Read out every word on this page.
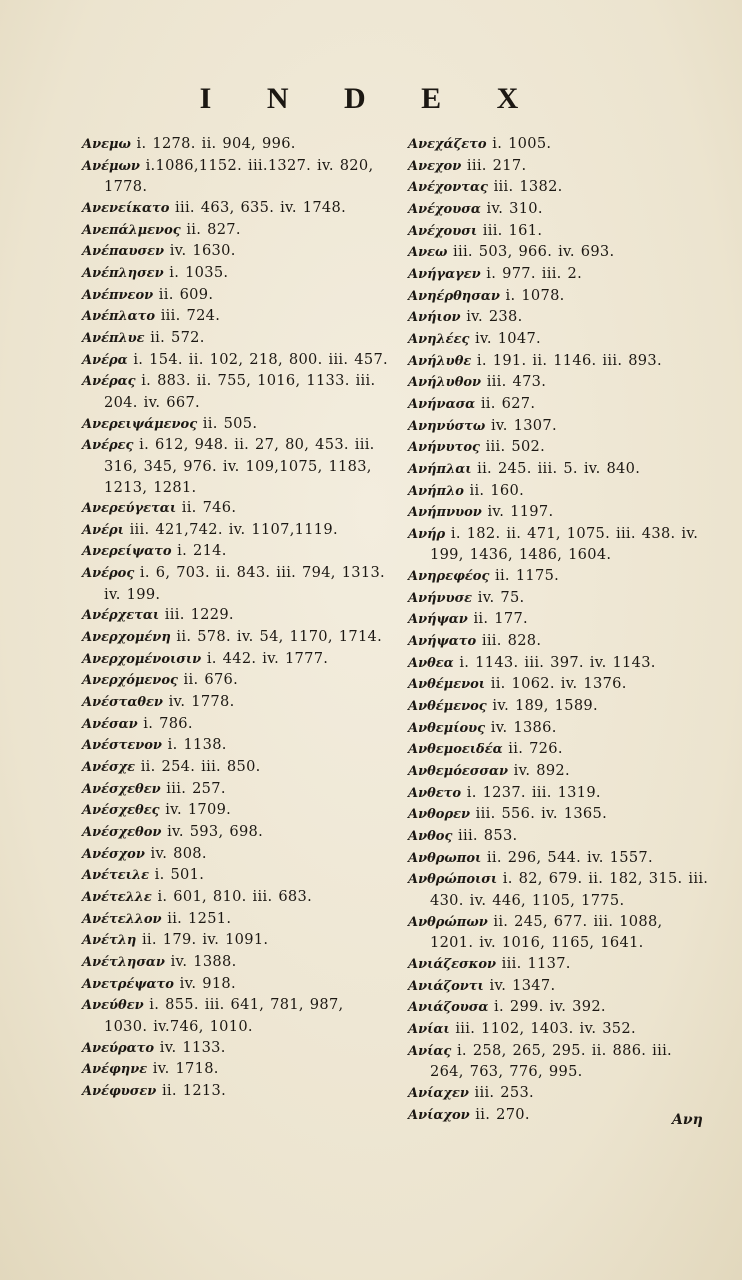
I N D E X

Ανεμω i. 1278. ii. 904, 996.

Ανέμων i.1086,1152. iii.1327. iv. 820, 1778.

Ανενείκατο iii. 463, 635. iv. 1748.

Ανεπάλμενος ii. 827.

Ανέπαυσεν iv. 1630.

Ανέπλησεν i. 1035.

Ανέπνεον ii. 609.

Ανέπλατο iii. 724.

Ανέπλυε ii. 572.

Ανέρα i. 154. ii. 102, 218, 800. iii. 457.

Ανέρας i. 883. ii. 755, 1016, 1133. iii. 204. iv. 667.

Ανερειψάμενος ii. 505.

Ανέρες i. 612, 948. ii. 27, 80, 453. iii. 316, 345, 976. iv. 109,1075, 1183, 1213, 1281.

Ανερεύγεται ii. 746.

Ανέρι iii. 421,742. iv. 1107,1119.

Ανερείψατο i. 214.

Ανέρος i. 6, 703. ii. 843. iii. 794, 1313. iv. 199.

Ανέρχεται iii. 1229.

Ανερχομένη ii. 578. iv. 54, 1170, 1714.

Ανερχομένοισιν i. 442. iv. 1777.

Ανερχόμενος ii. 676.

Ανέσταθεν iv. 1778.

Ανέσαν i. 786.

Ανέστενον i. 1138.

Ανέσχε ii. 254. iii. 850.

Ανέσχεθεν iii. 257.

Ανέσχεθες iv. 1709.

Ανέσχεθον iv. 593, 698.

Ανέσχον iv. 808.

Ανέτειλε i. 501.

Ανέτελλε i. 601, 810. iii. 683.

Ανέτελλον ii. 1251.

Ανέτλη ii. 179. iv. 1091.

Ανέτλησαν iv. 1388.

Ανετρέψατο iv. 918.

Ανεύθεν i. 855. iii. 641, 781, 987, 1030. iv.746, 1010.

Ανεύρατο iv. 1133.

Ανέφηνε iv. 1718.

Ανέφυσεν ii. 1213.

Ανεχάζετο i. 1005.

Ανεχον iii. 217.

Ανέχοντας iii. 1382.

Ανέχουσα iv. 310.

Ανέχουσι iii. 161.

Ανεω iii. 503, 966. iv. 693.

Ανήγαγεν i. 977. iii. 2.

Ανηέρθησαν i. 1078.

Ανήιον iv. 238.

Ανηλέες iv. 1047.

Ανήλυθε i. 191. ii. 1146. iii. 893.

Ανήλυθον iii. 473.

Ανήνασα ii. 627.

Ανηνύστω iv. 1307.

Ανήνυτος iii. 502.

Ανήπλαι ii. 245. iii. 5. iv. 840.

Ανήπλο ii. 160.

Ανήπνυον iv. 1197.

Ανήρ i. 182. ii. 471, 1075. iii. 438. iv. 199, 1436, 1486, 1604.

Ανηρεφέος ii. 1175.

Ανήνυσε iv. 75.

Ανήψαν ii. 177.

Ανήψατο iii. 828.

Ανθεα i. 1143. iii. 397. iv. 1143.

Ανθέμενοι ii. 1062. iv. 1376.

Ανθέμενος iv. 189, 1589.

Ανθεμίους iv. 1386.

Ανθεμοειδέα ii. 726.

Ανθεμόεσσαν iv. 892.

Ανθετο i. 1237. iii. 1319.

Ανθορεν iii. 556. iv. 1365.

Ανθος iii. 853.

Ανθρωποι ii. 296, 544. iv. 1557.

Ανθρώποισι i. 82, 679. ii. 182, 315. iii. 430. iv. 446, 1105, 1775.

Ανθρώπων ii. 245, 677. iii. 1088, 1201. iv. 1016, 1165, 1641.

Ανιάζεσκον iii. 1137.

Ανιάζοντι iv. 1347.

Ανιάζουσα i. 299. iv. 392.

Ανίαι iii. 1102, 1403. iv. 352.

Ανίας i. 258, 265, 295. ii. 886. iii. 264, 763, 776, 995.

Ανίαχεν iii. 253.

Ανίαχον ii. 270.	Ανη
